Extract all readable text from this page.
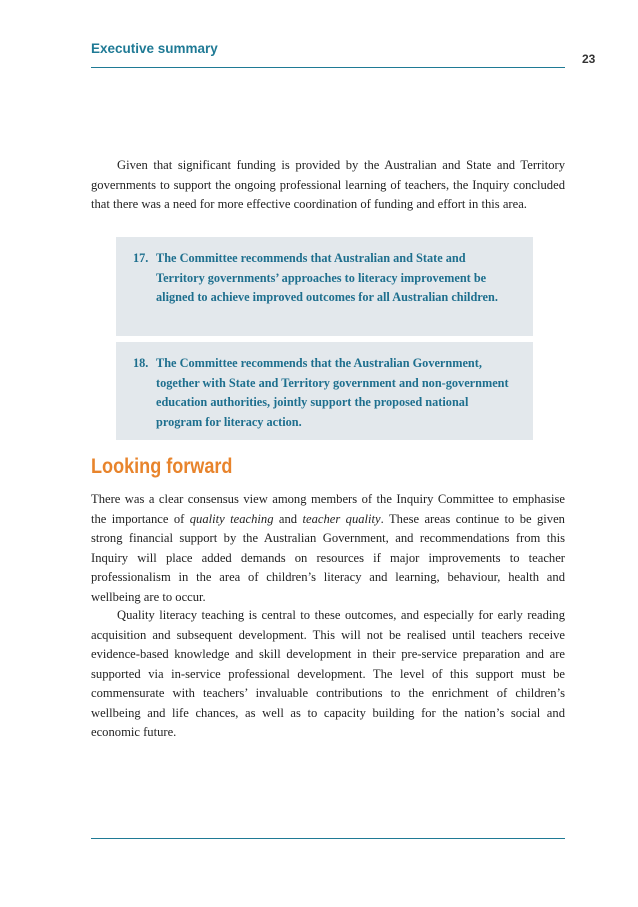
Executive summary
23

Given that significant funding is provided by the Australian and State and Territory governments to support the ongoing professional learning of teachers, the Inquiry concluded that there was a need for more effective coordination of funding and effort in this area.

17. The Committee recommends that Australian and State and Territory governments’ approaches to literacy improvement be aligned to achieve improved outcomes for all Australian children.

18. The Committee recommends that the Australian Government, together with State and Territory government and non-government education authorities, jointly support the proposed national program for literacy action.

Looking forward

There was a clear consensus view among members of the Inquiry Committee to emphasise the importance of quality teaching and teacher quality. These areas continue to be given strong financial support by the Australian Government, and recommendations from this Inquiry will place added demands on resources if major improvements to teacher professionalism in the area of children’s literacy and learning, behaviour, health and wellbeing are to occur.

Quality literacy teaching is central to these outcomes, and especially for early reading acquisition and subsequent development. This will not be realised until teachers receive evidence-based knowledge and skill development in their pre-service preparation and are supported via in-service professional development. The level of this support must be commensurate with teachers’ invaluable contributions to the enrichment of children’s wellbeing and life chances, as well as to capacity building for the nation’s social and economic future.
